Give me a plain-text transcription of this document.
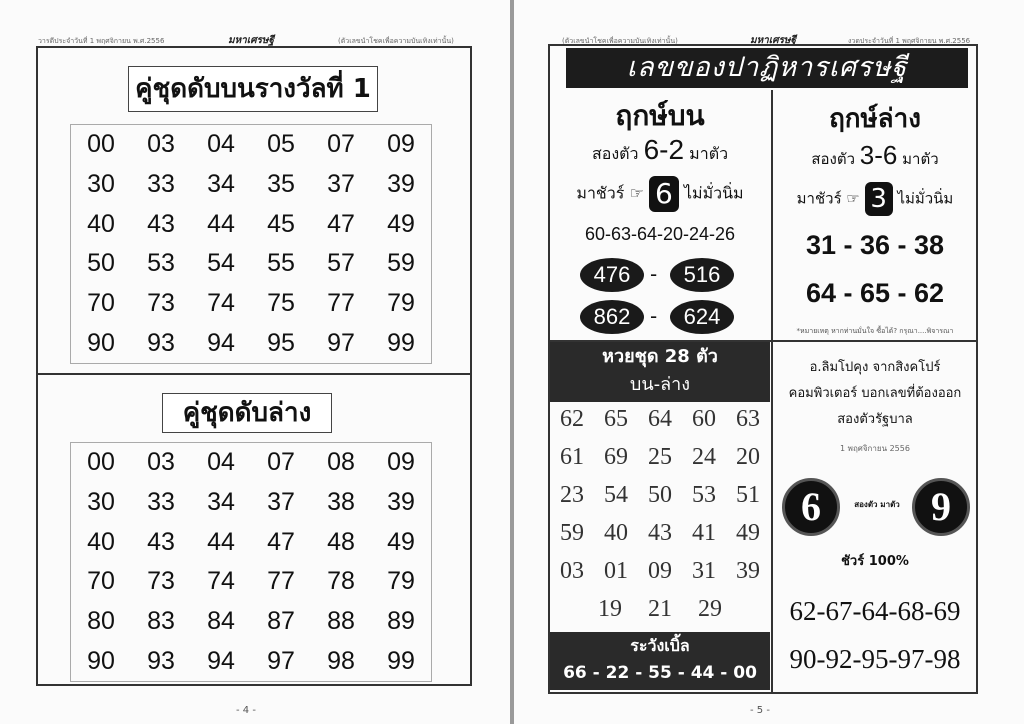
วารดีประจำวันที่ 1 พฤศจิกายน พ.ศ.2556	มหาเศรษฐี	(ตัวเลขนำโชคเพื่อความบันเทิงเท่านั้น)
คู่ชุดดับบนรางวัลที่ 1
00	03	04	05	07	09
30	33	34	35	37	39
40	43	44	45	47	49
50	53	54	55	57	59
70	73	74	75	77	79
90	93	94	95	97	99
คู่ชุดดับล่าง
00	03	04	07	08	09
30	33	34	37	38	39
40	43	44	47	48	49
70	73	74	77	78	79
80	83	84	87	88	89
90	93	94	97	98	99
- 4 -
(ตัวเลขนำโชคเพื่อความบันเทิงเท่านั้น)	มหาเศรษฐี	งวดประจำวันที่ 1 พฤศจิกายน พ.ศ.2556
เลขของปาฏิหารเศรษฐี
ฤกษ์บน
สองตัว 6-2 มาตัว
มาชัวร์ ☞ 6 ไม่มั่วนิ่ม
60-63-64-20-24-26
476 -	516
862 -	624
ฤกษ์ล่าง
สองตัว 3-6 มาตัว
มาชัวร์ ☞ 3 ไม่มั่วนิ่ม
31 - 36 - 38
64 - 65 - 62
*หมายเหตุ หากท่านมั่นใจ ซื้อได้? กรุณา....พิจารณา
หวยชุด 28 ตัว
บน-ล่าง
62 65 64 60 63
61 69 25 24 20
23 54 50 53 51
59 40 43 41 49
03 01 09 31 39
19 21 29
ระวังเบิ้ล
66 - 22 - 55 - 44 - 00
อ.ลิมโปคุง จากสิงคโปร์
คอมพิวเตอร์ บอกเลขที่ต้องออก
สองตัวรัฐบาล
1 พฤศจิกายน 2556
6	สองตัว มาตัว 9
ชัวร์ 100%
62-67-64-68-69
90-92-95-97-98
- 5 -
